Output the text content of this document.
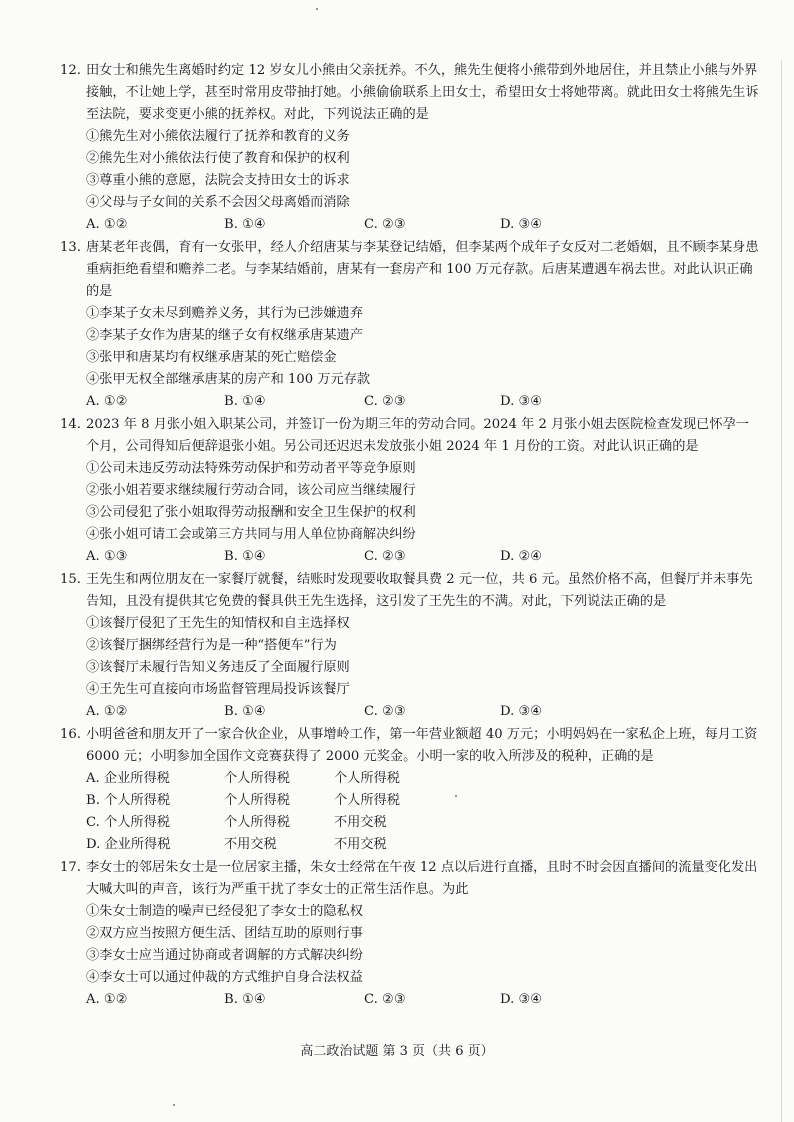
12. 田女士和熊先生离婚时约定 12 岁女儿小熊由父亲抚养。不久，熊先生便将小熊带到外地居住，并且禁止小熊与外界接触，不让她上学，甚至时常用皮带抽打她。小熊偷偷联系上田女士，希望田女士将她带离。就此田女士将熊先生诉至法院，要求变更小熊的抚养权。对此，下列说法正确的是
①熊先生对小熊依法履行了抚养和教育的义务
②熊先生对小熊依法行使了教育和保护的权利
③尊重小熊的意愿，法院会支持田女士的诉求
④父母与子女间的关系不会因父母离婚而消除
A. ①②	B. ①④	C. ②③	D. ③④
13. 唐某老年丧偶，育有一女张甲，经人介绍唐某与李某登记结婚，但李某两个成年子女反对二老婚姻，且不顾李某身患重病拒绝看望和赡养二老。与李某结婚前，唐某有一套房产和 100 万元存款。后唐某遭遇车祸去世。对此认识正确的是
①李某子女未尽到赡养义务，其行为已涉嫌遗弃
②李某子女作为唐某的继子女有权继承唐某遗产
③张甲和唐某均有权继承唐某的死亡赔偿金
④张甲无权全部继承唐某的房产和 100 万元存款
A. ①②	B. ①④	C. ②③	D. ③④
14. 2023 年 8 月张小姐入职某公司，并签订一份为期三年的劳动合同。2024 年 2 月张小姐去医院检查发现已怀孕一个月，公司得知后便辞退张小姐。另公司还迟迟未发放张小姐 2024 年 1 月份的工资。对此认识正确的是
①公司未违反劳动法特殊劳动保护和劳动者平等竞争原则
②张小姐若要求继续履行劳动合同，该公司应当继续履行
③公司侵犯了张小姐取得劳动报酬和安全卫生保护的权利
④张小姐可请工会或第三方共同与用人单位协商解决纠纷
A. ①③	B. ①④	C. ②③	D. ②④
15. 王先生和两位朋友在一家餐厅就餐，结账时发现要收取餐具费 2 元一位，共 6 元。虽然价格不高，但餐厅并未事先告知，且没有提供其它免费的餐具供王先生选择，这引发了王先生的不满。对此，下列说法正确的是
①该餐厅侵犯了王先生的知情权和自主选择权
②该餐厅捆绑经营行为是一种“搭便车”行为
③该餐厅未履行告知义务违反了全面履行原则
④王先生可直接向市场监督管理局投诉该餐厅
A. ①②	B. ①④	C. ②③	D. ③④
16. 小明爸爸和朋友开了一家合伙企业，从事增岭工作，第一年营业额超 40 万元；小明妈妈在一家私企上班，每月工资 6000 元；小明参加全国作文竞赛获得了 2000 元奖金。小明一家的收入所涉及的税种，正确的是
A. 企业所得税	个人所得税	个人所得税
B. 个人所得税	个人所得税	个人所得税
C. 个人所得税	个人所得税	不用交税
D. 企业所得税	不用交税	不用交税
17. 李女士的邻居朱女士是一位居家主播，朱女士经常在午夜 12 点以后进行直播，且时不时会因直播间的流量变化发出大喊大叫的声音，该行为严重干扰了李女士的正常生活作息。为此
①朱女士制造的噪声已经侵犯了李女士的隐私权
②双方应当按照方便生活、团结互助的原则行事
③李女士应当通过协商或者调解的方式解决纠纷
④李女士可以通过仲裁的方式维护自身合法权益
A. ①②	B. ①④	C. ②③	D. ③④
高二政治试题 第 3 页（共 6 页）
